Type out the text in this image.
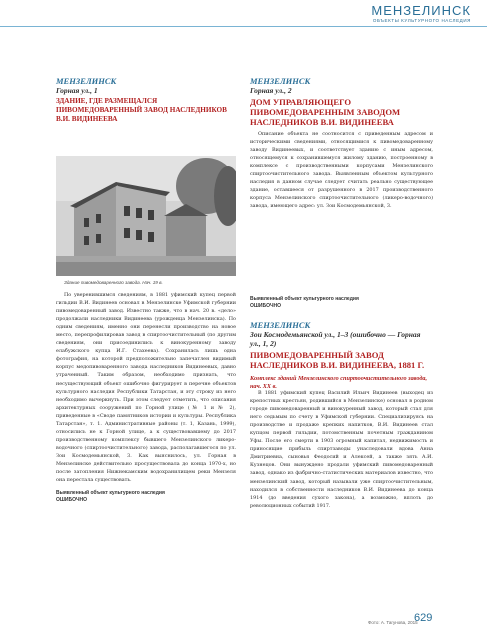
МЕНЗЕЛИНСК
ОБЪЕКТЫ КУЛЬТУРНОГО НАСЛЕДИЯ
МЕНЗЕЛИНСК
Горная ул., 1
ЗДАНИЕ, ГДЕ РАЗМЕЩАЛСЯ ПИВОМЕДОВАРЕННЫЙ ЗАВОД НАСЛЕДНИКОВ В.И. ВИДИНЕЕВА
Здание пивомедоваренного завода. Нач. 19 в.

По уверенившимся сведениям, в 1881 уфимский купец первой гильдии В.И. Видинеев основал в Мензелинске Уфимской губернии пивомедоваренный завод. Известно также, что в нач. 20 в. «дело» продолжали наследники Видинеева (урожденца Мензелинска). По одним сведениям, именно они перенесли производство на новое место, перепрофилировав завод в спиртоочистительный (по другим сведениям, они присоединились к винокуренному заводу елабужского купца И.Г. Стахеева). Сохранилась лишь одна фотография, на которой предположительно запечатлен видимый корпус медопивоваренного завода наследников Видинеевых, давно утраченный. Таким образом, необходимо признать, что несуществующий объект ошибочно фигурирует в перечне объектов культурного наследия Республики Татарстан, и эту строку из него необходимо вычеркнуть. При этом следует отметить, что описания архитектурных сооружений по Горной улице (№ 1 и № 2), приведенные в «Своде памятников истории и культуры. Республика Татарстан», т. 1. Административные районы (т. 1, Казань, 1999), относились не к Горной улице, а к существовавшему до 2017 производственному комплексу бывшего Мензелинского ликеро-водочного (спиртоочистительного) завода, располагавшегося по ул. Зои Космодемьянской, 3. Как выяснилось, ул. Горная в Мензелинске действительно просуществовала до конца 1970-х, но после затопления Нижнекамским водохранилищем реки Мензеля она перестала существовать.

Выявленный объект культурного наследия ОШИБОЧНО
МЕНЗЕЛИНСК
Горная ул., 2
ДОМ УПРАВЛЯЮЩЕГО ПИВОМЕДОВАРЕННЫМ ЗАВОДОМ НАСЛЕДНИКОВ В.И. ВИДИНЕЕВА

Описание объекта не соотносится с приведенным адресом и историческими сведениями, относящимися к пивомедоваренному заводу Видинеевых, и соответствует зданию с иным адресом, относящемуся к сохранившемуся жилому зданию, построенному в комплексе с производственными корпусами Мензелинского спиртоочистительного завода. Выявленным объектом культурного наследия в данном случае следует считать реально существующее здание, оставшееся от разрушенного в 2017 производственного корпуса Мензелинского спиртоочистительного (ликеро-водочного) завода, имеющего адрес: ул. Зои Космодемьянской, 3.

Выявленный объект культурного наследия ОШИБОЧНО
МЕНЗЕЛИНСК
Зои Космодемьянской ул., 1–3 (ошибочно — Горная ул., 1, 2)
ПИВОМЕДОВАРЕННЫЙ ЗАВОД НАСЛЕДНИКОВ В.И. ВИДИНЕЕВА, 1881 Г.
Комплекс зданий Мензелинского спиртоочистительного завода, нач. XX в.

В 1881 уфимский купец Василий Ильич Видинеев (выходец из крепостных крестьян, родившийся в Мензелинске) основал в родном городе пивомедоваренный и винокуренный завод, который стал для него седьмым по счету в Уфимской губернии. Специализируясь на производстве и продаже крепких напитков, В.И. Видинеев стал купцом первой гильдии, потомственным почетным гражданином Уфы. После его смерти в 1903 огромный капитал, недвижимость и приносящие прибыль спиртзаводы унаследовали вдова Анна Дмитриевна, сыновья Феодосий и Алексей, а также зять А.И. Кузнецов. Они вынуждено продали уфимский пивомедоваренный завод, однако из фабрично-статистических материалов известно, что мензелинский завод, который называли уже спиртоочистительным, находился в собственности наследников В.И. Видинеева до конца 1914 (до введения сухого закона), а возможно, вплоть до революционных событий 1917.

Фото: А. Тагунова, 2015
629
